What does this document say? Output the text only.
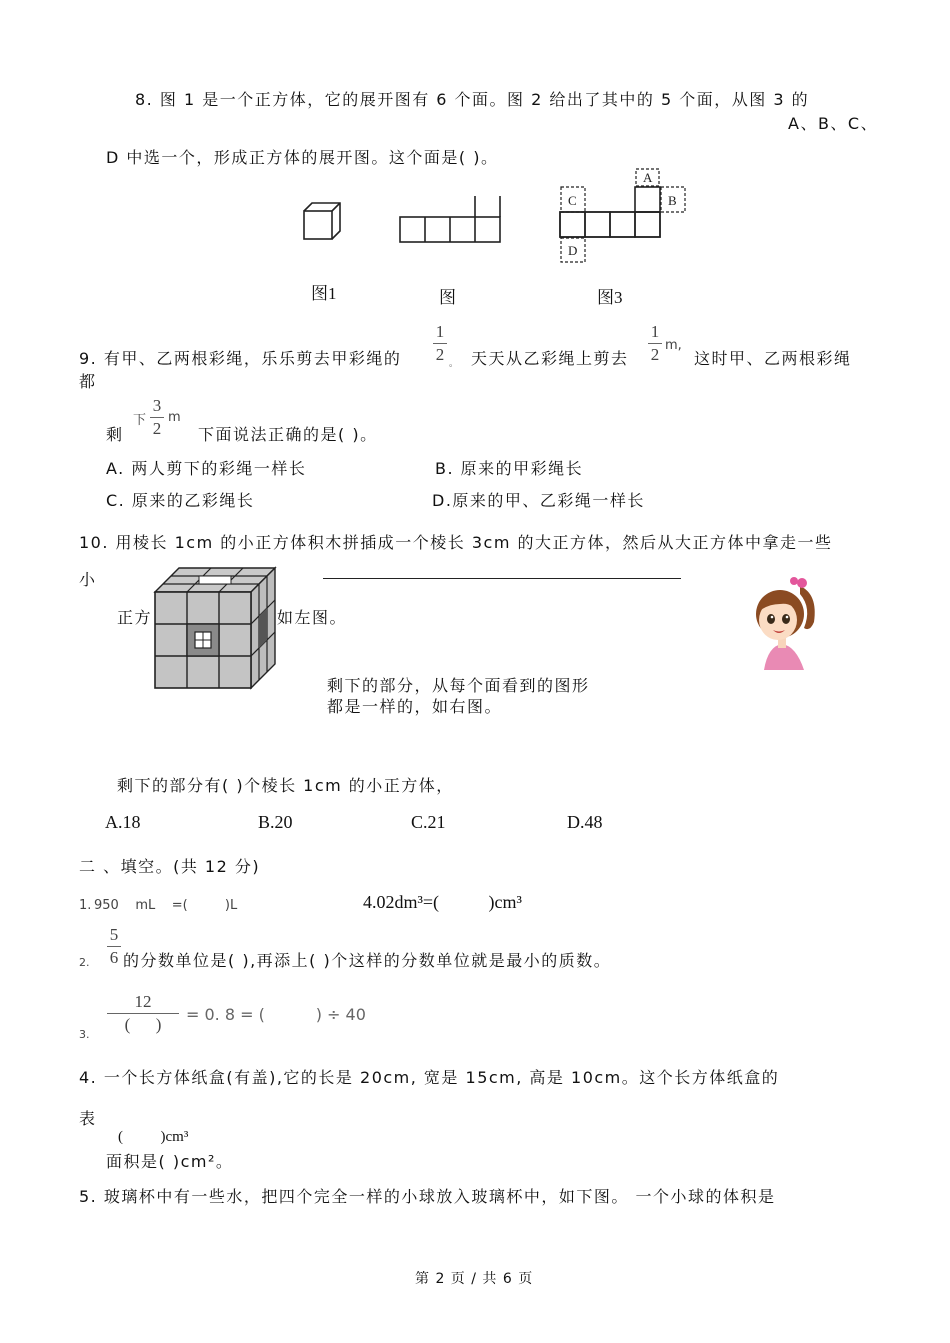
8. 图 1 是一个正方体，它的展开图有 6 个面。图 2 给出了其中的 5 个面，从图 3 的
A、B、C、
D 中选一个，形成正方体的展开图。这个面是( )。
A
B
C
D
图1	图	图3
9. 有甲、乙两根彩绳，乐乐剪去甲彩绳的
1
2 。 天天从乙彩绳上剪去
1
2 m,
这时甲、乙两根彩绳
都
剩
下
3
2
m
下面说法正确的是( )。
A. 两人剪下的彩绳一样长	B. 原来的甲彩绳长
C. 原来的乙彩绳长	D.原来的甲、乙彩绳一样长
10. 用棱长 1cm 的小正方体积木拼插成一个棱长 3cm 的大正方体，然后从大正方体中拿走一些
小
正方	如左图。
剩下的部分，从每个面看到的图形
都是一样的，如右图。
剩下的部分有( )个棱长 1cm 的小正方体，
A.18	B.20	C.21	D.48
二 、填空。(共 12 分)
1. 950    mL    =(         )L	4.02dm³=(           )cm³
2.
5
6 的分数单位是( ),再添上( )个这样的分数单位就是最小的质数。
3.
12
(      )
= 0. 8 = (          ) ÷ 40
4. 一个长方体纸盒(有盖),它的长是 20cm, 宽是 15cm, 高是 10cm。这个长方体纸盒的
表
(          )cm³
面积是( )cm²。
5. 玻璃杯中有一些水，把四个完全一样的小球放入玻璃杯中，如下图。 一个小球的体积是
第 2 页 / 共 6 页
